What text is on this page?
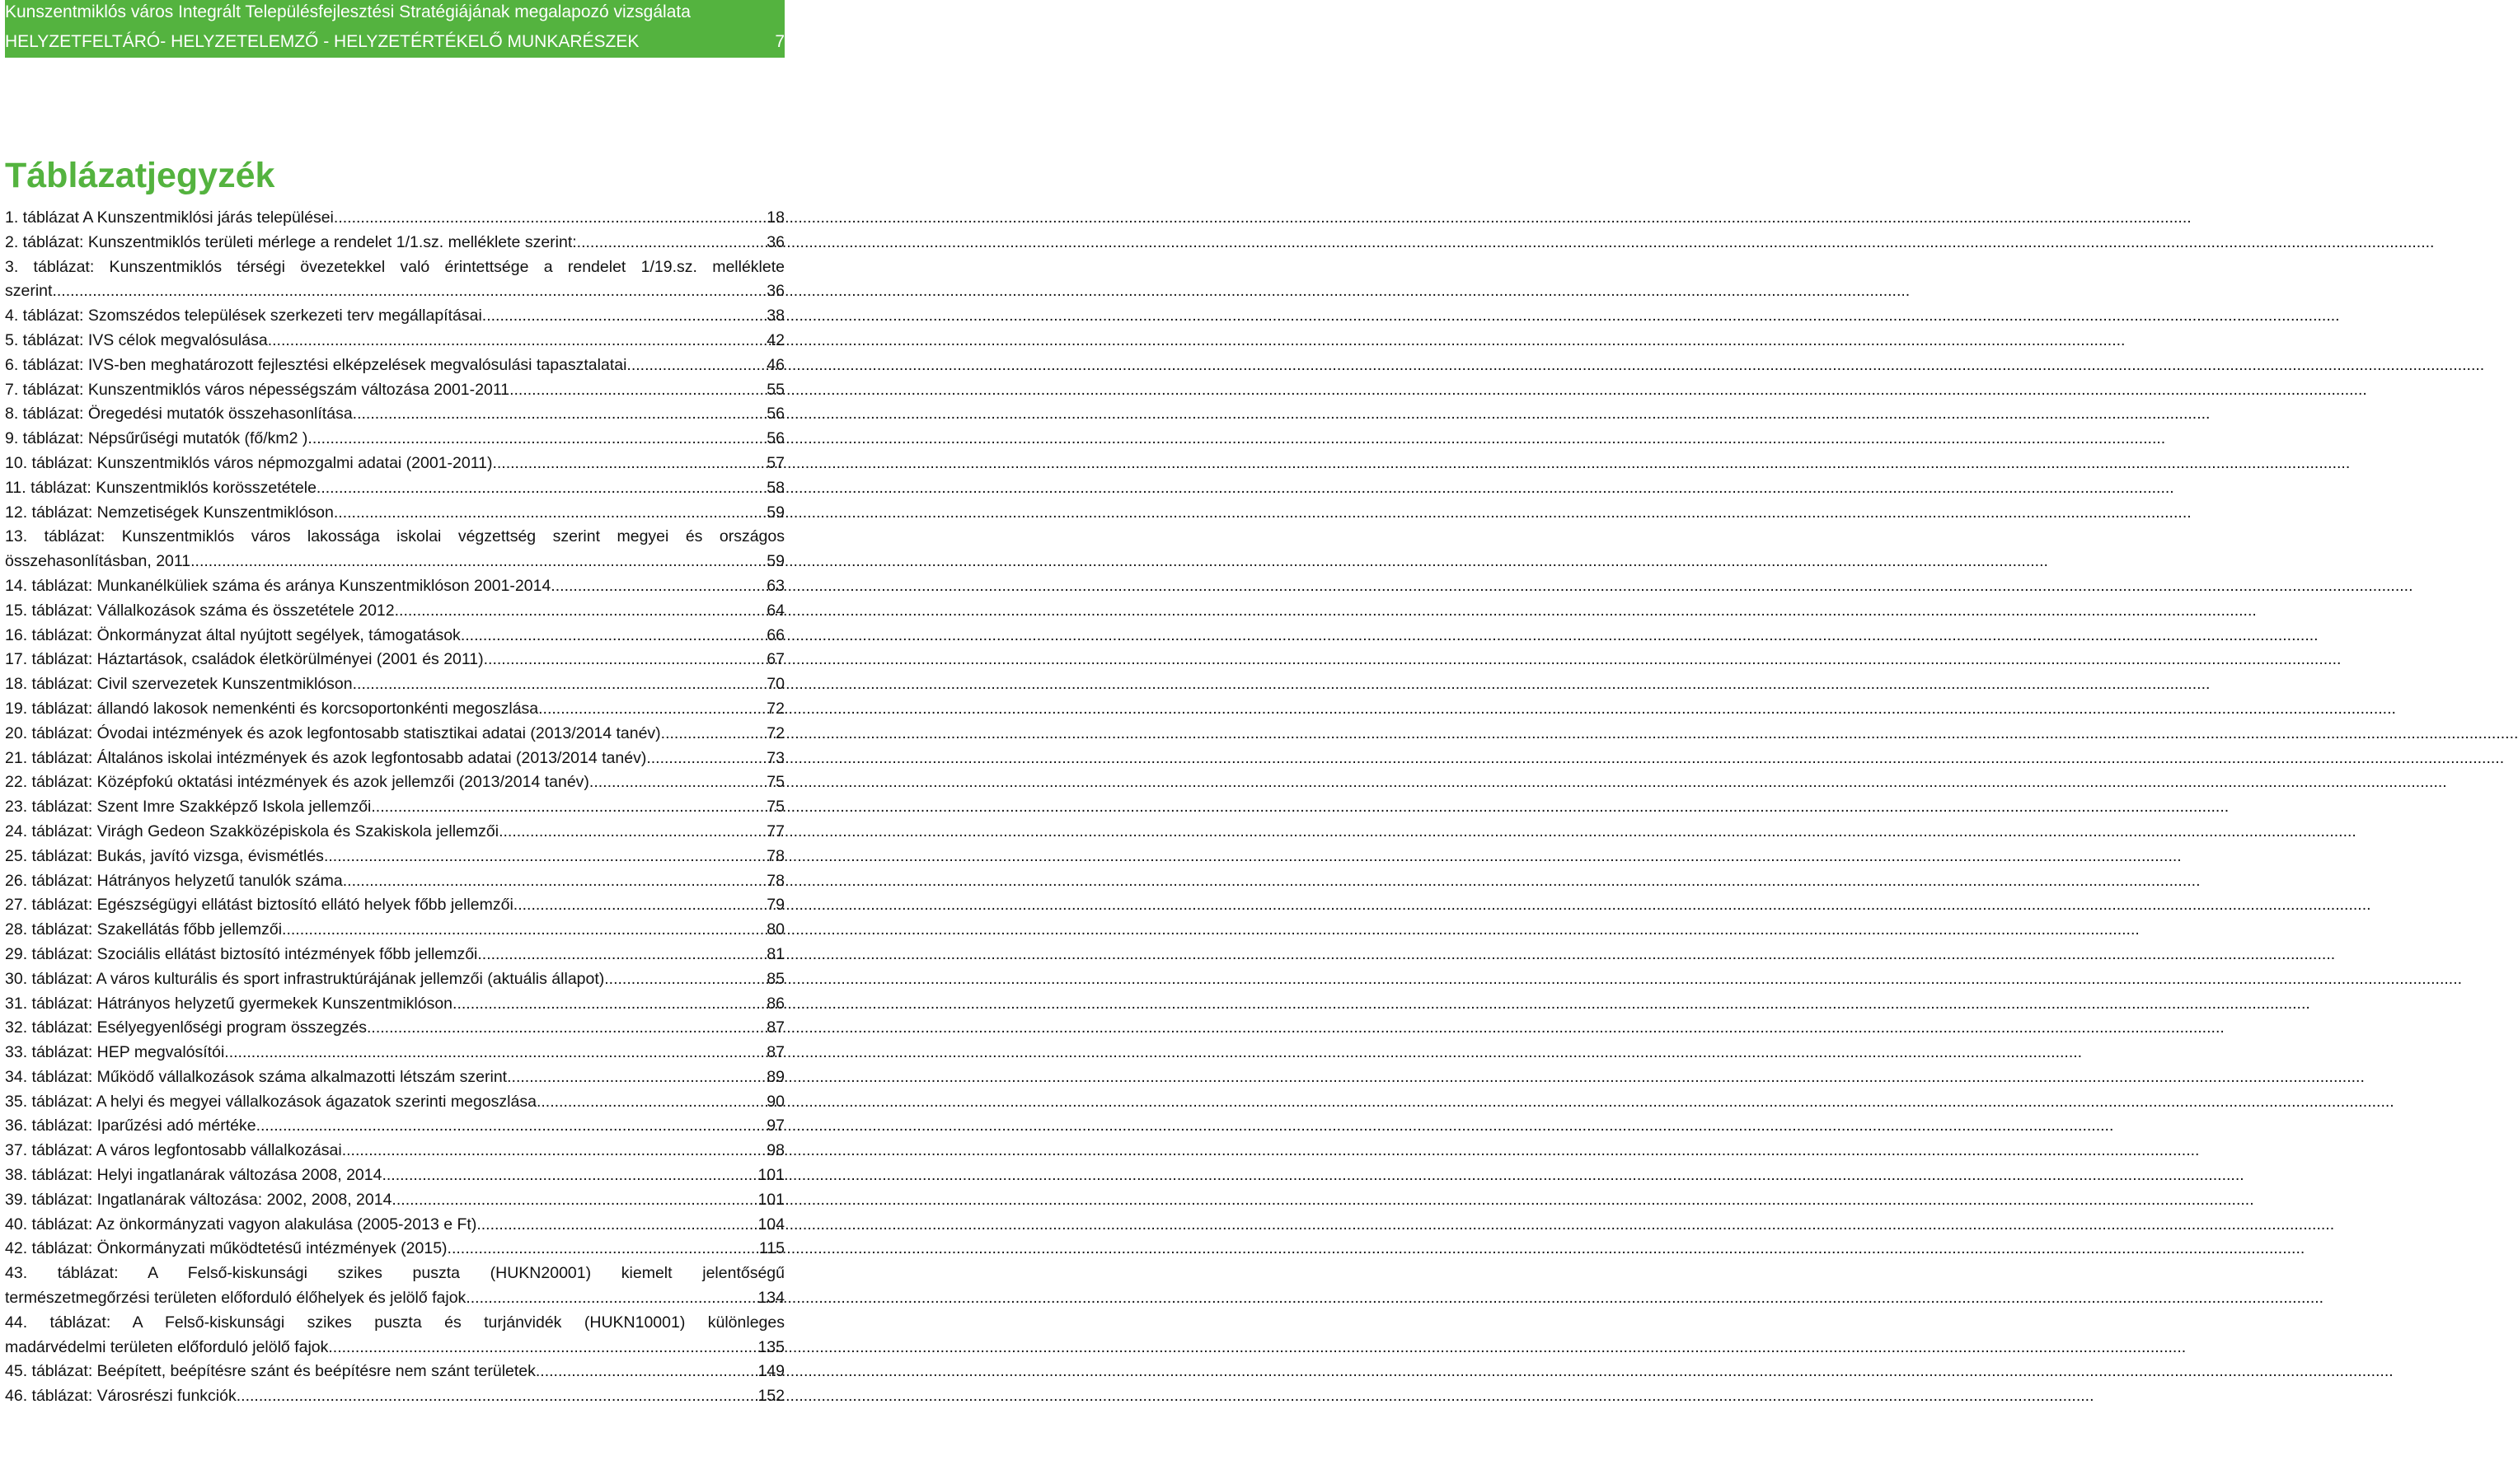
Kunszentmiklós város Integrált Településfejlesztési Stratégiájának megalapozó vizsgálata
HELYZETFELTÁRÓ- HELYZETELEMZŐ - HELYZETÉRTÉKELŐ MUNKARÉSZEK	7
Táblázatjegyzék
1. táblázat A Kunszentmiklósi járás települései .....	18
2. táblázat: Kunszentmiklós területi mérlege a rendelet 1/1.sz. melléklete szerint: .....	36
3. táblázat: Kunszentmiklós térségi övezetekkel való érintettsége a rendelet 1/19.sz. melléklete
szerint .....	36
4. táblázat: Szomszédos települések szerkezeti terv megállapításai .....	38
5. táblázat: IVS célok megvalósulása .....	42
6. táblázat: IVS-ben meghatározott fejlesztési elképzelések megvalósulási tapasztalatai .....	46
7. táblázat: Kunszentmiklós város népességszám változása 2001-2011 .....	55
8. táblázat: Öregedési mutatók összehasonlítása .....	56
9. táblázat: Népsűrűségi mutatók (fő/km2 ) .....	56
10. táblázat: Kunszentmiklós város népmozgalmi adatai (2001-2011) .....	57
11. táblázat: Kunszentmiklós korösszetétele .....	58
12. táblázat: Nemzetiségek Kunszentmiklóson .....	59
13. táblázat: Kunszentmiklós város lakossága iskolai végzettség szerint megyei és országos
összehasonlításban, 2011 .....	59
14. táblázat: Munkanélküliek száma és aránya Kunszentmiklóson 2001-2014. .....	63
15. táblázat: Vállalkozások száma és összetétele 2012. .....	64
16. táblázat: Önkormányzat által nyújtott segélyek, támogatások .....	66
17. táblázat: Háztartások, családok életkörülményei (2001 és 2011) .....	67
18. táblázat: Civil szervezetek Kunszentmiklóson .....	70
19. táblázat: állandó lakosok nemenkénti és korcsoportonkénti megoszlása .....	72
20. táblázat: Óvodai intézmények és azok legfontosabb statisztikai adatai (2013/2014 tanév) .....	72
21. táblázat: Általános iskolai intézmények és azok legfontosabb adatai (2013/2014 tanév) .....	73
22. táblázat: Középfokú oktatási intézmények és azok jellemzői (2013/2014 tanév) .....	75
23. táblázat: Szent Imre Szakképző Iskola jellemzői .....	75
24. táblázat: Virágh Gedeon Szakközépiskola és Szakiskola jellemzői .....	77
25. táblázat: Bukás, javító vizsga, évismétlés .....	78
26. táblázat: Hátrányos helyzetű tanulók száma .....	78
27. táblázat: Egészségügyi ellátást biztosító ellátó helyek főbb jellemzői .....	79
28. táblázat: Szakellátás főbb jellemzői .....	80
29. táblázat: Szociális ellátást biztosító intézmények főbb jellemzői .....	81
30. táblázat: A város kulturális és sport infrastruktúrájának jellemzői (aktuális állapot) .....	85
31. táblázat: Hátrányos helyzetű gyermekek Kunszentmiklóson .....	86
32. táblázat: Esélyegyenlőségi program összegzés .....	87
33. táblázat: HEP megvalósítói .....	87
34. táblázat: Működő vállalkozások száma alkalmazotti létszám szerint .....	89
35. táblázat: A helyi és megyei vállalkozások ágazatok szerinti megoszlása .....	90
36. táblázat: Iparűzési adó mértéke .....	97
37. táblázat: A város legfontosabb vállalkozásai .....	98
38. táblázat: Helyi ingatlanárak változása 2008, 2014. .....	101
39. táblázat: Ingatlanárak változása: 2002, 2008, 2014. .....	101
40. táblázat: Az önkormányzati vagyon alakulása (2005-2013 e Ft) .....	104
42. táblázat: Önkormányzati működtetésű intézmények (2015) .....	115
43. táblázat: A Felső-kiskunsági szikes puszta (HUKN20001) kiemelt jelentőségű
természetmegőrzési területen előforduló élőhelyek és jelölő fajok .....	134
44. táblázat: A Felső-kiskunsági szikes puszta és turjánvidék (HUKN10001) különleges
madárvédelmi területen előforduló jelölő fajok .....	135
45. táblázat: Beépített, beépítésre szánt és beépítésre nem szánt területek .....	149
46. táblázat: Városrészi funkciók .....	152
